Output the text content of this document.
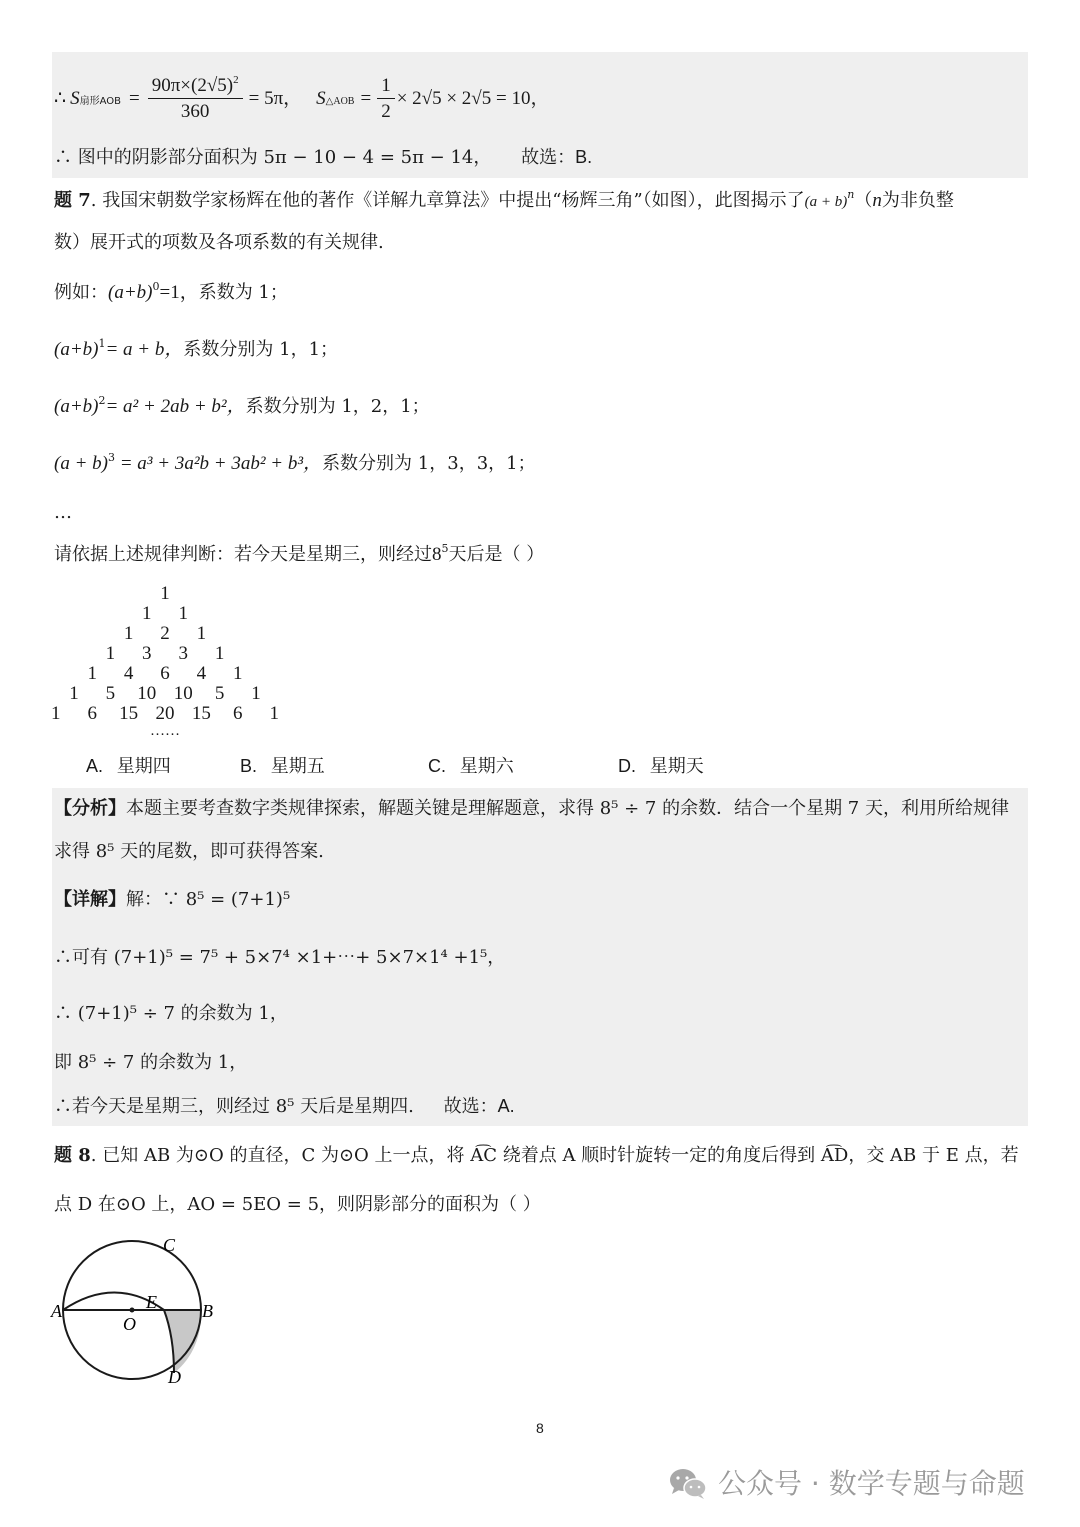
∴ $S_{扇形AOB} = \frac{90\pi\times(2√5)^2}{360} = 5\pi$， $S_{\triangle AOB} = \frac{1}{2} \times 2√5 \times 2√5 = 10$，
∴ 图中的阴影部分面积为 5π − 10 − 4 = 5π − 14， 故选：B.
题 7. 我国宋朝数学家杨辉在他的著作《详解九章算法》中提出“杨辉三角”（如图），此图揭示了$(a + b)^n(n$为非负整
数）展开式的项数及各项系数的有关规律.
例如：$(a+b)^0=1$，系数为 1；
$(a+b)^1= a + b$，系数分别为 1，1；
$(a+b)^2= a^2 + 2ab + b^2$，系数分别为 1，2，1；
$(a + b)^3 = a^3 + 3a^2b + 3ab^2 + b^3$，系数分别为 1，3，3，1；
…
请依据上述规律判断：若今天是星期三，则经过$8^5$天后是（ ）
1
1 1
1 2 1
1 3 3 1
1 4 6 4 1
1 5 10 10 5 1
1 6 15 20 15 6 1
……
A. 星期四	B. 星期五	C. 星期六	D. 星期天
【分析】本题主要考查数字类规律探索，解题关键是理解题意，求得 8⁵ ÷ 7 的余数．结合一个星期 7 天，利用所给规律
求得 8⁵ 天的尾数，即可获得答案.
【详解】解：∵ 8⁵ = (7+1)⁵
∴可有 (7+1)⁵ = 7⁵ + 5×7⁴ ×1+⋯+ 5×7×1⁴ +1⁵，
∴ (7+1)⁵ ÷ 7 的余数为 1，
即 8⁵ ÷ 7 的余数为 1，
∴若今天是星期三，则经过 8⁵ 天后是星期四. 故选：A.
题 8. 已知 AB 为⊙O 的直径，C 为⊙O 上一点，将 A͡C 绕着点 A 顺时针旋转一定的角度后得到 A͡D，交 AB 于 E 点，若
点 D 在⊙O 上，AO = 5EO = 5，则阴影部分的面积为（ ）
A	B
C
D
E
O
8
公众号 · 数学专题与命题
